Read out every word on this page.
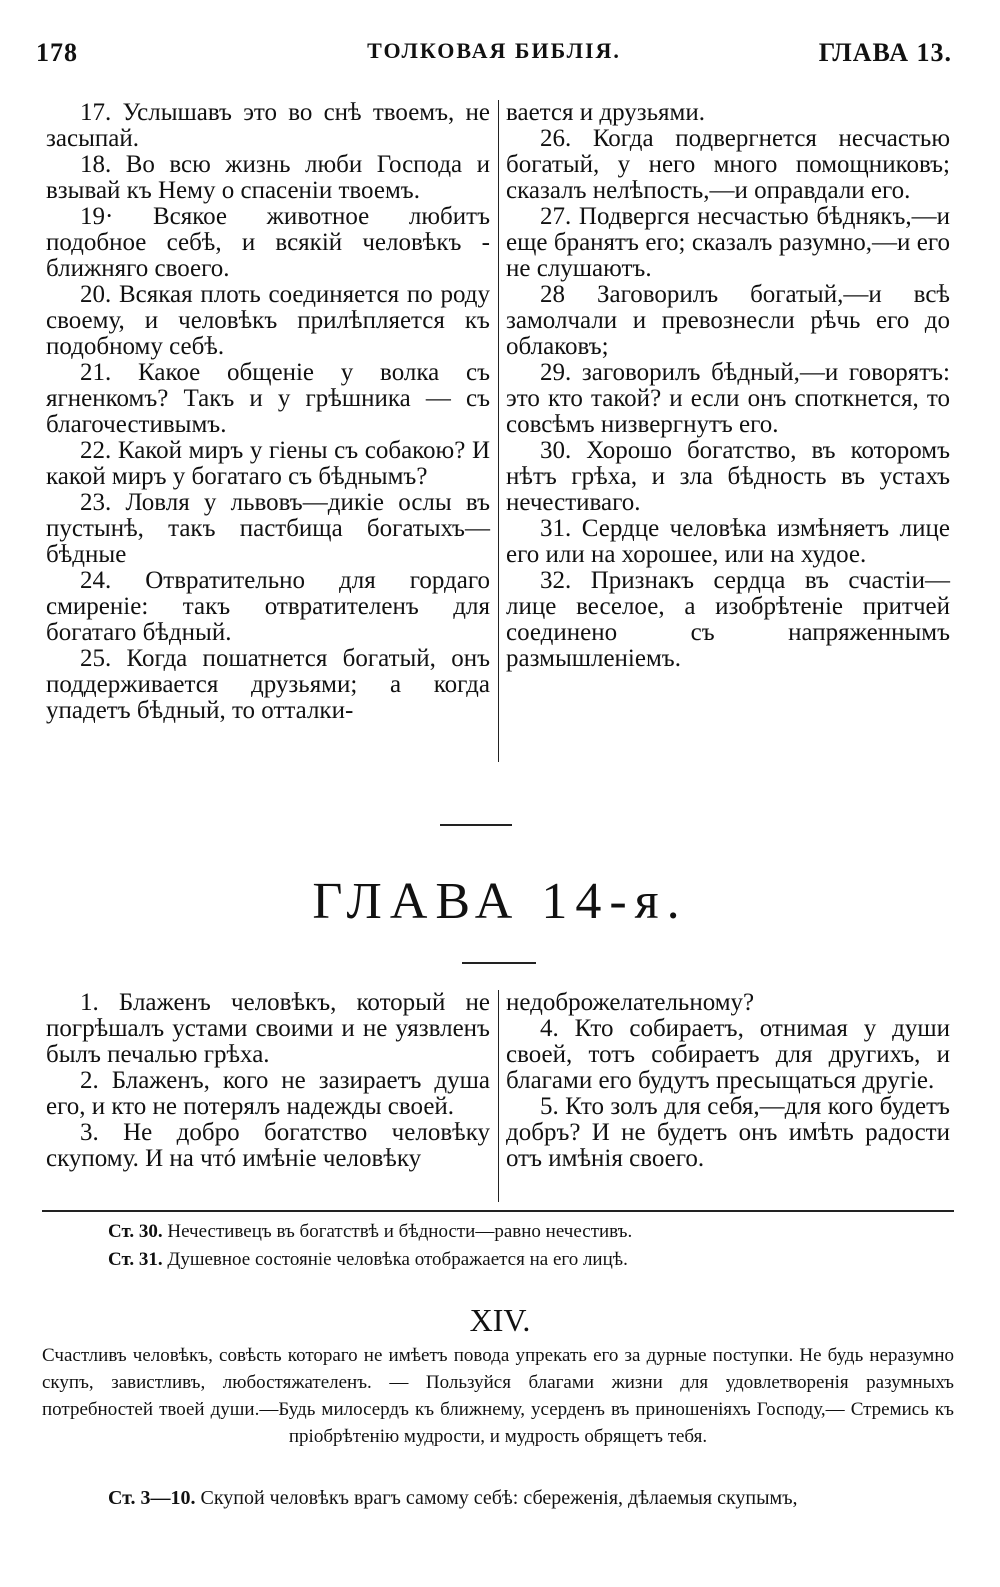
178	ТОЛКОВАЯ БИБЛІЯ.	ГЛАВА 13.

17. Услышавъ это во снѣ твоемъ, не засыпай.

18. Во всю жизнь люби Господа и взывай къ Нему о спасеніи твоемъ.

19· Всякое животное любитъ подобное себѣ, и всякій человѣкъ - ближняго своего.

20. Всякая плоть соединяется по роду своему, и человѣкъ прилѣпляется къ подобному себѣ.

21. Какое общеніе у волка съ ягненкомъ? Такъ и у грѣшника — съ благочестивымъ.

22. Какой миръ у гіены съ собакою? И какой миръ у богатаго съ бѣднымъ?

23. Ловля у львовъ—дикіе ослы въ пустынѣ, такъ пастбища богатыхъ—бѣдные

24. Отвратительно для гордаго смиреніе: такъ отвратителенъ для богатаго бѣдный.

25. Когда пошатнется богатый, онъ поддерживается друзьями; а когда упадетъ бѣдный, то отталки-

вается и друзьями.

26. Когда подвергнется несчастью богатый, у него много помощниковъ; сказалъ нелѣпость,—и оправдали его.

27. Подвергся несчастью бѣднякъ,—и еще бранятъ его; сказалъ разумно,—и его не слушаютъ.

28 Заговорилъ богатый,—и всѣ замолчали и превознесли рѣчь его до облаковъ;

29. заговорилъ бѣдный,—и говорятъ: это кто такой? и если онъ споткнется, то совсѣмъ низвергнутъ его.

30. Хорошо богатство, въ которомъ нѣтъ грѣха, и зла бѣдность въ устахъ нечестиваго.

31. Сердце человѣка измѣняетъ лице его или на хорошее, или на худое.

32. Признакъ сердца въ счастіи— лице веселое, а изобрѣтеніе притчей соединено съ напряженнымъ размышленіемъ.

ГЛАВА 14-я.

1. Блаженъ человѣкъ, который не погрѣшалъ устами своими и не уязвленъ былъ печалью грѣха.

2. Блаженъ, кого не зазираетъ душа его, и кто не потерялъ надежды своей.

3. Не добро богатство человѣку скупому. И на чтó имѣніе человѣку

недоброжелательному?

4. Кто собираетъ, отнимая у души своей, тотъ собираетъ для другихъ, и благами его будутъ пресыщаться другіе.

5. Кто золъ для себя,—для кого будетъ добръ? И не будетъ онъ имѣть радости отъ имѣнія своего.

Ст. 30. Нечестивецъ въ богатствѣ и бѣдности—равно нечестивъ.

Ст. 31. Душевное состояніе человѣка отображается на его лицѣ.

XIV.

Счастливъ человѣкъ, совѣсть котораго не имѣетъ повода упрекать его за дурные поступки. Не будь неразумно скупъ, завистливъ, любостяжателенъ. — Пользуйся благами жизни для удовлетворенія разумныхъ потребностей твоей души.—Будь милосердъ къ ближнему, усерденъ въ приношеніяхъ Господу,— Стремись къ пріобрѣтенію мудрости, и мудрость обрящетъ тебя.

Ст. 3—10. Скупой человѣкъ врагъ самому себѣ: сбереженія, дѣлаемыя скупымъ,
